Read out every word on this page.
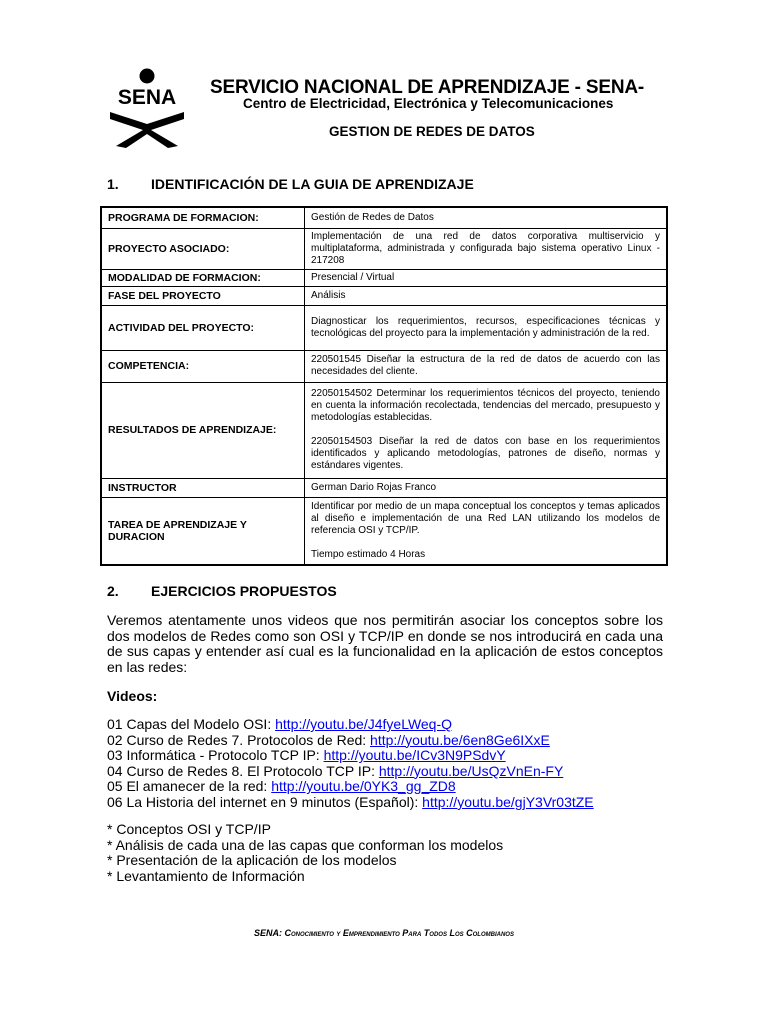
SENA SERVICIO NACIONAL DE APRENDIZAJE - SENA-
Centro de Electricidad, Electrónica y Telecomunicaciones
GESTION DE REDES DE DATOS
1. IDENTIFICACIÓN DE LA GUIA DE APRENDIZAJE
PROGRAMA DE FORMACION:	Gestión de Redes de Datos

PROYECTO ASOCIADO:	Implementación de una red de datos corporativa multiservicio y multiplataforma, administrada y configurada bajo sistema operativo Linux - 217208

MODALIDAD DE FORMACION:	Presencial / Virtual

FASE DEL PROYECTO	Análisis

ACTIVIDAD DEL PROYECTO:	Diagnosticar los requerimientos, recursos, especificaciones técnicas y tecnológicas del proyecto para la implementación y administración de la red.

COMPETENCIA:	220501545 Diseñar la estructura de la red de datos de acuerdo con las necesidades del cliente.

RESULTADOS DE APRENDIZAJE:	22050154502 Determinar los requerimientos técnicos del proyecto, teniendo en cuenta la información recolectada, tendencias del mercado, presupuesto y metodologías establecidas.

22050154503 Diseñar la red de datos con base en los requerimientos identificados y aplicando metodologías, patrones de diseño, normas y estándares vigentes.

INSTRUCTOR	German Dario Rojas Franco

TAREA DE APRENDIZAJE Y DURACION	Identificar por medio de un mapa conceptual los conceptos y temas aplicados al diseño e implementación de una Red LAN utilizando los modelos de referencia OSI y TCP/IP.

Tiempo estimado 4 Horas

2. EJERCICIOS PROPUESTOS

Veremos atentamente unos videos que nos permitirán asociar los conceptos sobre los dos modelos de Redes como son OSI y TCP/IP en donde se nos introducirá en cada una de sus capas y entender así cual es la funcionalidad en la aplicación de estos conceptos en las redes:

Videos:
01 Capas del Modelo OSI: http://youtu.be/J4fyeLWeq-Q
02 Curso de Redes 7. Protocolos de Red: http://youtu.be/6en8Ge6IXxE
03 Informática - Protocolo TCP IP: http://youtu.be/ICv3N9PSdvY
04 Curso de Redes 8. El Protocolo TCP IP: http://youtu.be/UsQzVnEn-FY
05 El amanecer de la red: http://youtu.be/0YK3_gg_ZD8
06 La Historia del internet en 9 minutos (Español): http://youtu.be/gjY3Vr03tZE
* Conceptos OSI y TCP/IP
* Análisis de cada una de las capas que conforman los modelos
* Presentación de la aplicación de los modelos
* Levantamiento de Información
SENA: Conocimiento y Emprendimiento Para Todos Los Colombianos
